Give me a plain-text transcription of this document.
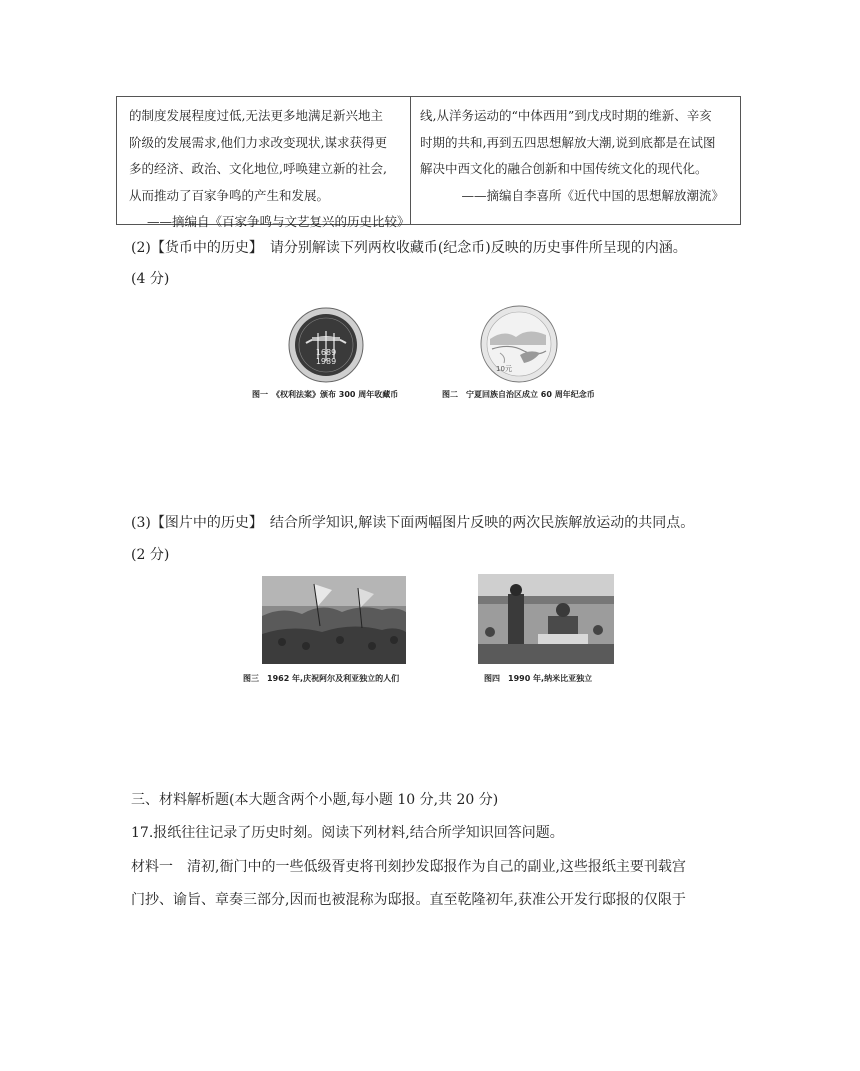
的制度发展程度过低,无法更多地满足新兴地主
阶级的发展需求,他们力求改变现状,谋求获得更
多的经济、政治、文化地位,呼唤建立新的社会,
从而推动了百家争鸣的产生和发展。
——摘编自《百家争鸣与文艺复兴的历史比较》
线,从洋务运动的“中体西用”到戊戌时期的维新、辛亥
时期的共和,再到五四思想解放大潮,说到底都是在试图
解决中西文化的融合创新和中国传统文化的现代化。
——摘编自李喜所《近代中国的思想解放潮流》
(2)【货币中的历史】　请分别解读下列两枚收藏币(纪念币)反映的历史事件所呈现的内涵。
(4 分)
1689
1989
图一　《权利法案》颁布 300 周年收藏币
10元
图二　宁夏回族自治区成立 60 周年纪念币
(3)【图片中的历史】　结合所学知识,解读下面两幅图片反映的两次民族解放运动的共同点。
(2 分)
图三　1962 年,庆祝阿尔及利亚独立的人们	图四　1990 年,纳米比亚独立
三、材料解析题(本大题含两个小题,每小题 10 分,共 20 分)
17.报纸往往记录了历史时刻。阅读下列材料,结合所学知识回答问题。
材料一　清初,衙门中的一些低级胥吏将刊刻抄发邸报作为自己的副业,这些报纸主要刊载宫
门抄、谕旨、章奏三部分,因而也被混称为邸报。直至乾隆初年,获准公开发行邸报的仅限于
